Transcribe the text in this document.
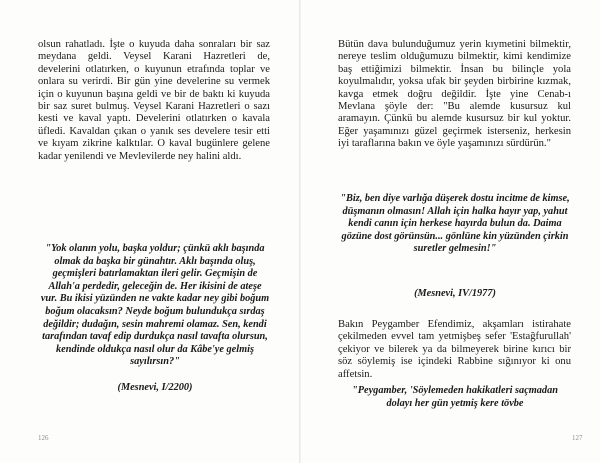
olsun rahatladı. İşte o kuyuda daha sonraları bir saz meydana geldi. Veysel Karani Hazretleri de, develerini otlatırken, o kuyunun etrafında toplar ve onlara su verirdi. Bir gün yine develerine su vermek için o kuyunun başına geldi ve bir de baktı ki kuyuda bir saz suret bulmuş. Veysel Karani Hazretleri o sazı kesti ve kaval yaptı. Develerini otlatırken o kavala üfledi. Kavaldan çıkan o yanık ses develere tesir etti ve kıyam zikrine kalktılar. O kaval bugünlere gelene kadar yenilendi ve Mevlevilerde ney halini aldı.

"Yok olanın yolu, başka yoldur; çünkü aklı başında olmak da başka bir günahtır. Aklı başında oluş, geçmişleri batırlamaktan ileri gelir. Geçmişin de Allah'a perdedir, geleceğin de. Her ikisini de ateşe vur. Bu ikisi yüzünden ne vakte kadar ney gibi boğum boğum olacaksın? Neyde boğum bulundukça sırdaş değildir; dudağın, sesin mahremi olamaz. Sen, kendi tarafından tavaf edip durdukça nasıl tavafta olursun, kendinde oldukça nasıl olur da Kâbe'ye gelmiş sayılırsın?"

(Mesnevi, I/2200)

126

Bütün dava bulunduğumuz yerin kıymetini bilmektir, nereye teslim olduğumuzu bilmektir, kimi kendimize baş ettiğimizi bilmektir. İnsan bu bilinçle yola koyulmalıdır, yoksa ufak bir şeyden birbirine kızmak, kavga etmek doğru değildir. İşte yine Cenab-ı Mevlana şöyle der: "Bu alemde kusursuz kul aramayın. Çünkü bu alemde kusursuz bir kul yoktur. Eğer yaşamınızı güzel geçirmek isterseniz, herkesin iyi taraflarına bakın ve öyle yaşamınızı sürdürün."

"Biz, ben diye varlığa düşerek dostu incitme de kimse, düşmanın olmasın! Allah için halka hayır yap, yahut kendi canın için herkese hayırda bulun da. Daima gözüne dost görünsün... gönlüne kin yüzünden çirkin suretler gelmesin!"

(Mesnevi, IV/1977)

Bakın Peygamber Efendimiz, akşamları istirahate çekilmeden evvel tam yetmişbeş sefer 'Estağfurullah' çekiyor ve bilerek ya da bilmeyerek birine kırıcı bir söz söylemiş ise içindeki Rabbine sığınıyor ki onu affetsin.

"Peygamber, 'Söylemeden hakikatleri saçmadan dolayı her gün yetmiş kere tövbe

127
